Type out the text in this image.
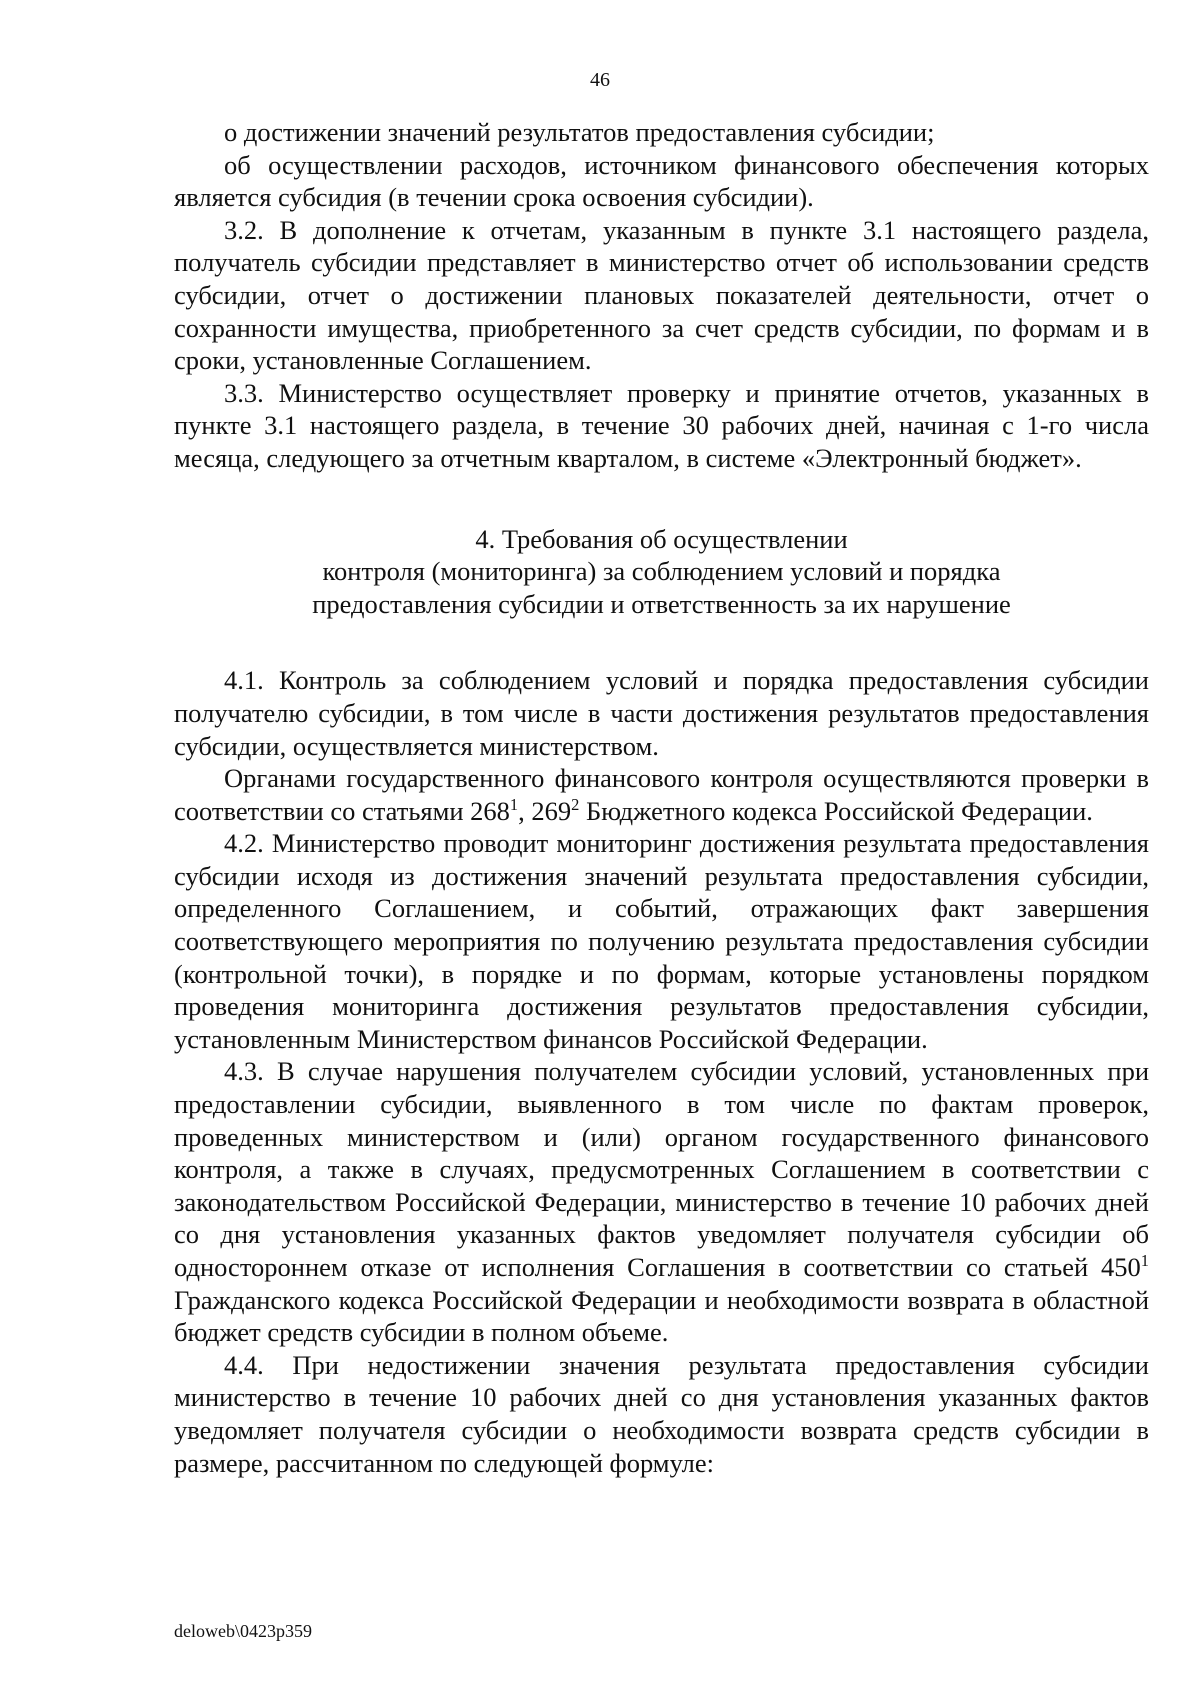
46

о достижении значений результатов предоставления субсидии;

об осуществлении расходов, источником финансового обеспечения которых является субсидия (в течении срока освоения субсидии).

3.2. В дополнение к отчетам, указанным в пункте 3.1 настоящего раздела, получатель субсидии представляет в министерство отчет об использовании средств субсидии, отчет о достижении плановых показателей деятельности, отчет о сохранности имущества, приобретенного за счет средств субсидии, по формам и в сроки, установленные Соглашением.

3.3. Министерство осуществляет проверку и принятие отчетов, указанных в пункте 3.1 настоящего раздела, в течение 30 рабочих дней, начиная с 1-го числа месяца, следующего за отчетным кварталом, в системе «Электронный бюджет».

4. Требования об осуществлении
контроля (мониторинга) за соблюдением условий и порядка
предоставления субсидии и ответственность за их нарушение

4.1. Контроль за соблюдением условий и порядка предоставления субсидии получателю субсидии, в том числе в части достижения результатов предоставления субсидии, осуществляется министерством.

Органами государственного финансового контроля осуществляются проверки в соответствии со статьями $268^1$, $269^2$ Бюджетного кодекса Российской Федерации.

4.2. Министерство проводит мониторинг достижения результата предоставления субсидии исходя из достижения значений результата предоставления субсидии, определенного Соглашением, и событий, отражающих факт завершения соответствующего мероприятия по получению результата предоставления субсидии (контрольной точки), в порядке и по формам, которые установлены порядком проведения мониторинга достижения результатов предоставления субсидии, установленным Министерством финансов Российской Федерации.

4.3. В случае нарушения получателем субсидии условий, установленных при предоставлении субсидии, выявленного в том числе по фактам проверок, проведенных министерством и (или) органом государственного финансового контроля, а также в случаях, предусмотренных Соглашением в соответствии с законодательством Российской Федерации, министерство в течение 10 рабочих дней со дня установления указанных фактов уведомляет получателя субсидии об одностороннем отказе от исполнения Соглашения в соответствии со статьей $450^1$ Гражданского кодекса Российской Федерации и необходимости возврата в областной бюджет средств субсидии в полном объеме.

4.4. При недостижении значения результата предоставления субсидии министерство в течение 10 рабочих дней со дня установления указанных фактов уведомляет получателя субсидии о необходимости возврата средств субсидии в размере, рассчитанном по следующей формуле:

deloweb\0423p359
